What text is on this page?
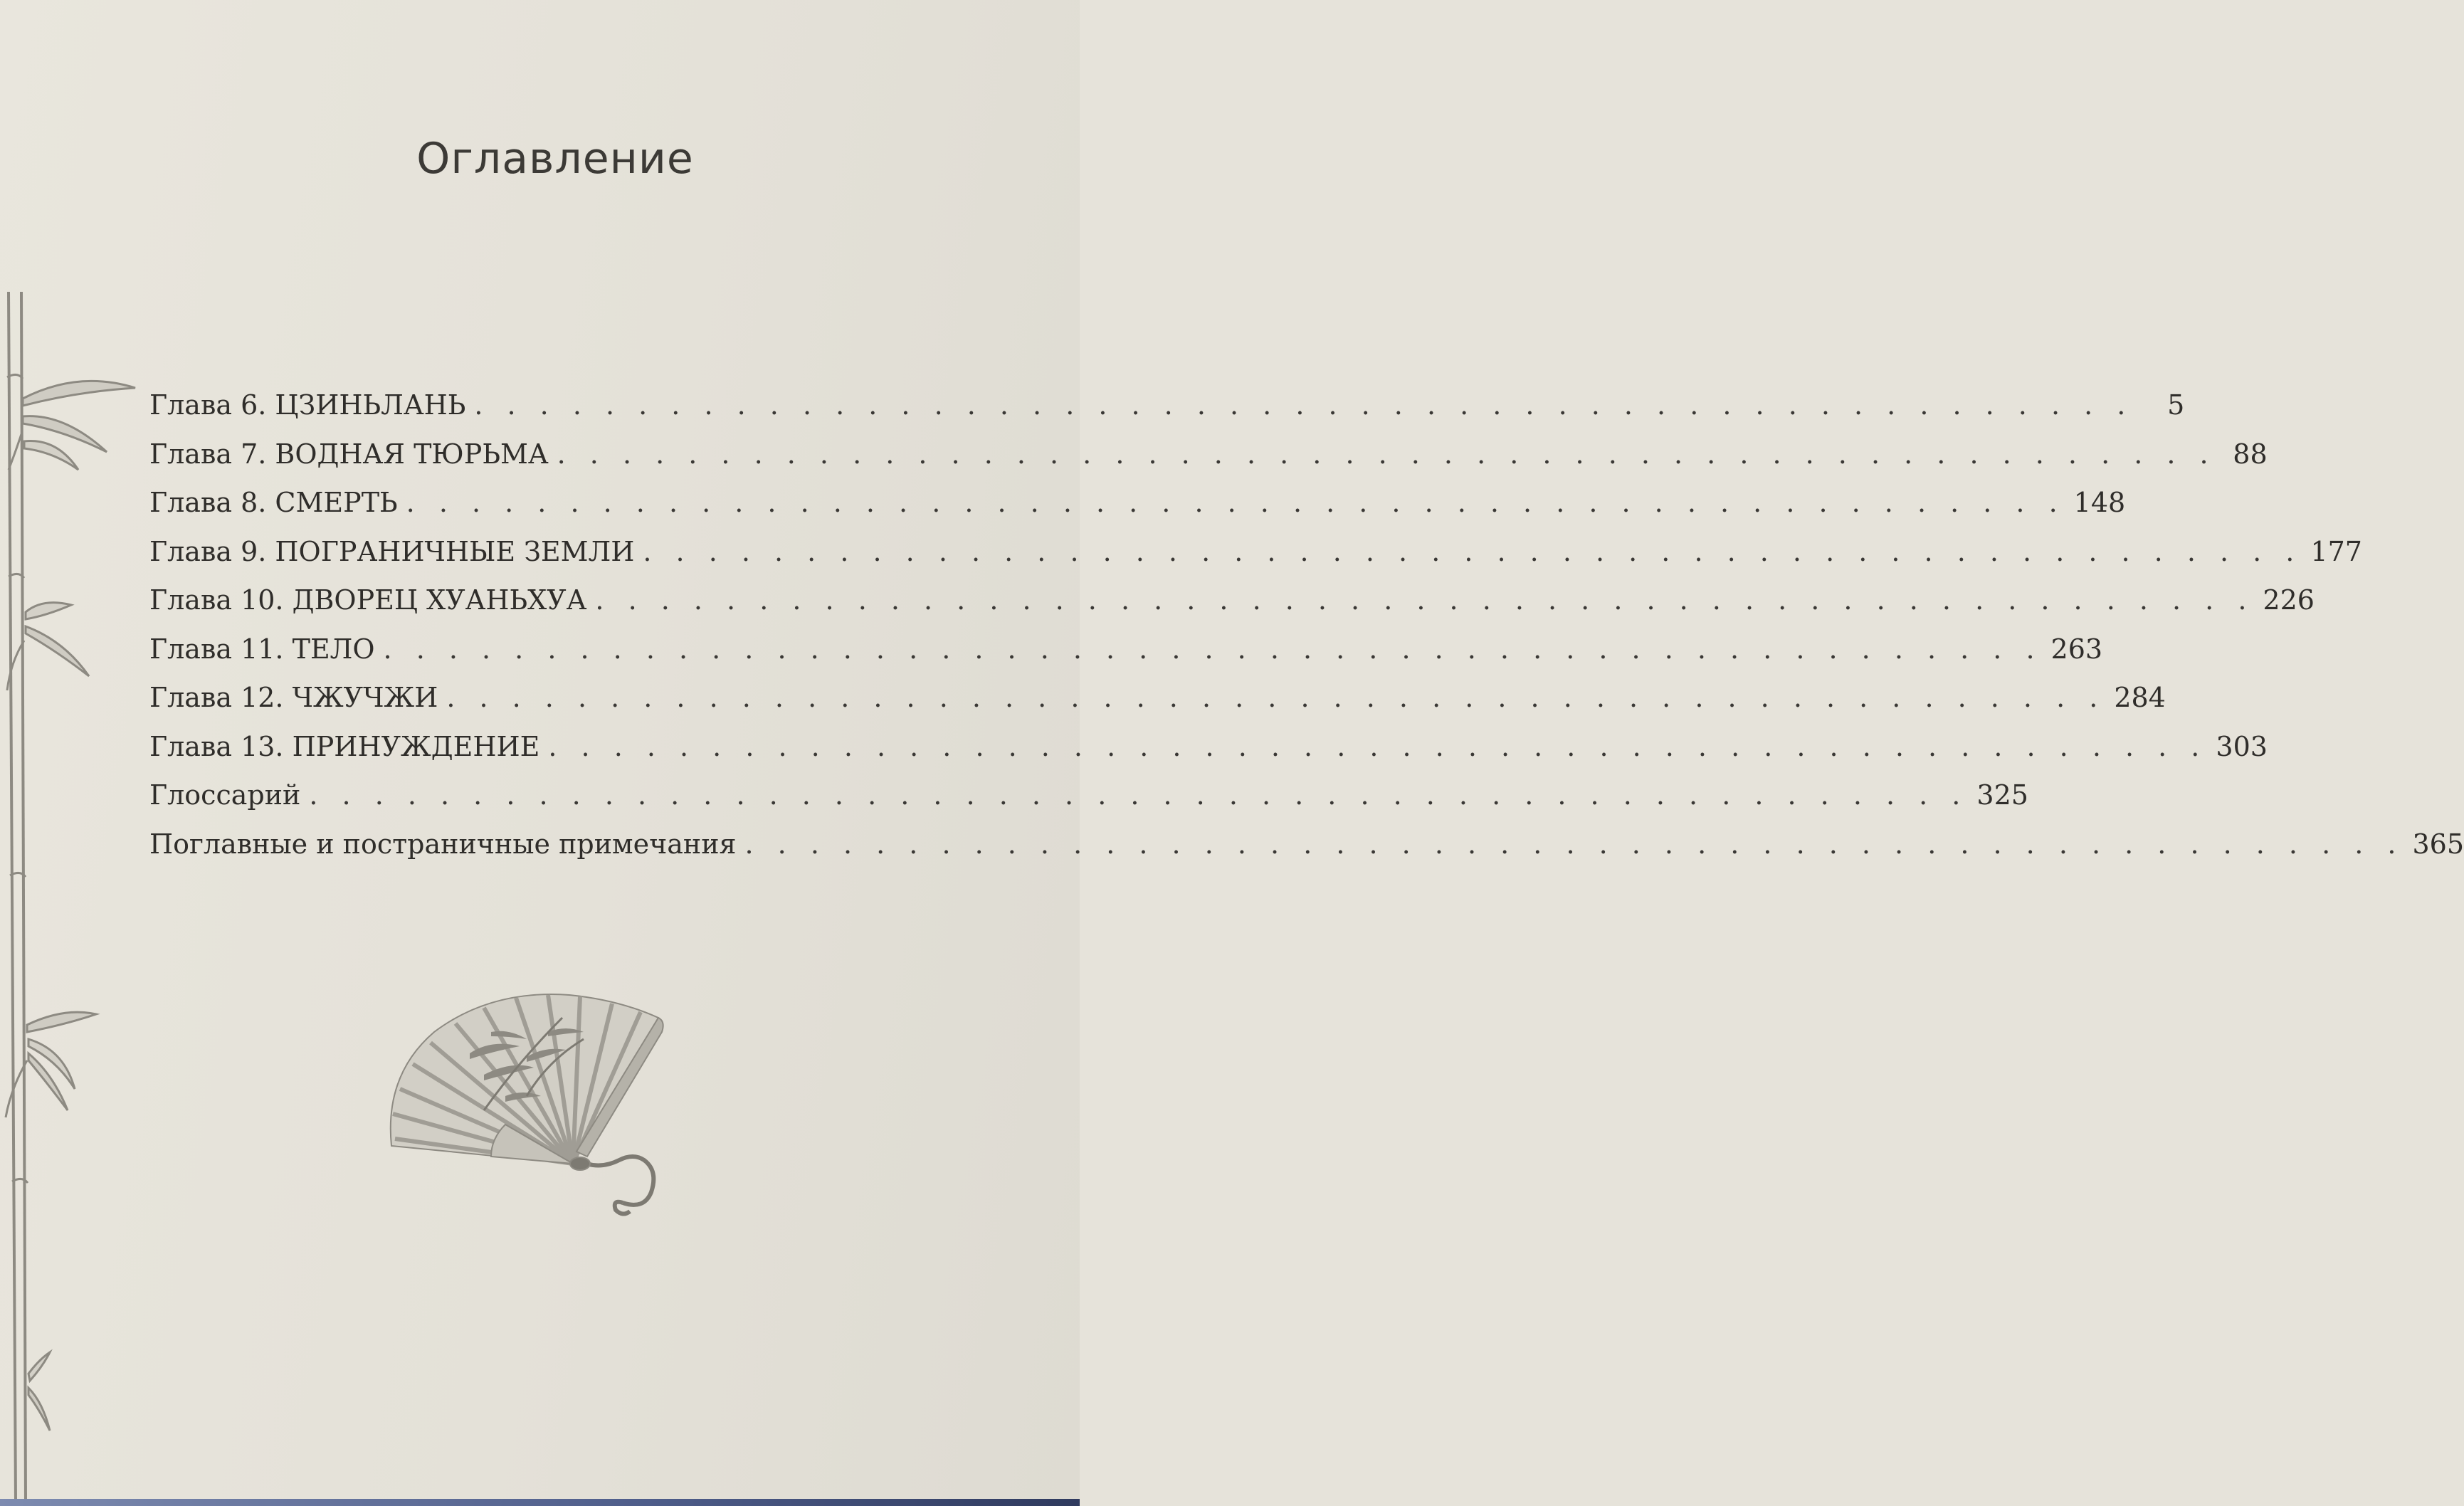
Оглавление
Глава 6. ЦЗИНЬЛАНЬ . . . . . . . . . . . . . . . . . . . . . . . . . . . . . . . . . . . . . . . . . . . . . . . . . . .	5
Глава 7. ВОДНАЯ ТЮРЬМА . . . . . . . . . . . . . . . . . . . . . . . . . . . . . . . . . . . . . . . . . . . . . . . . . . . 88
Глава 8. СМЕРТЬ . . . . . . . . . . . . . . . . . . . . . . . . . . . . . . . . . . . . . . . . . . . . . . . . . . . 148
Глава 9. ПОГРАНИЧНЫЕ ЗЕМЛИ . . . . . . . . . . . . . . . . . . . . . . . . . . . . . . . . . . . . . . . . . . . . . . . . . . . 177
Глава 10. ДВОРЕЦ ХУАНЬХУА . . . . . . . . . . . . . . . . . . . . . . . . . . . . . . . . . . . . . . . . . . . . . . . . . . . 226
Глава 11. ТЕЛО . . . . . . . . . . . . . . . . . . . . . . . . . . . . . . . . . . . . . . . . . . . . . . . . . . . 263
Глава 12. ЧЖУЧЖИ . . . . . . . . . . . . . . . . . . . . . . . . . . . . . . . . . . . . . . . . . . . . . . . . . . . 284
Глава 13. ПРИНУЖДЕНИЕ . . . . . . . . . . . . . . . . . . . . . . . . . . . . . . . . . . . . . . . . . . . . . . . . . . . 303
Глоссарий . . . . . . . . . . . . . . . . . . . . . . . . . . . . . . . . . . . . . . . . . . . . . . . . . . . 325
Поглавные и постраничные примечания . . . . . . . . . . . . . . . . . . . . . . . . . . . . . . . . . . . . . . . . . . . . . . . . . . . 365
